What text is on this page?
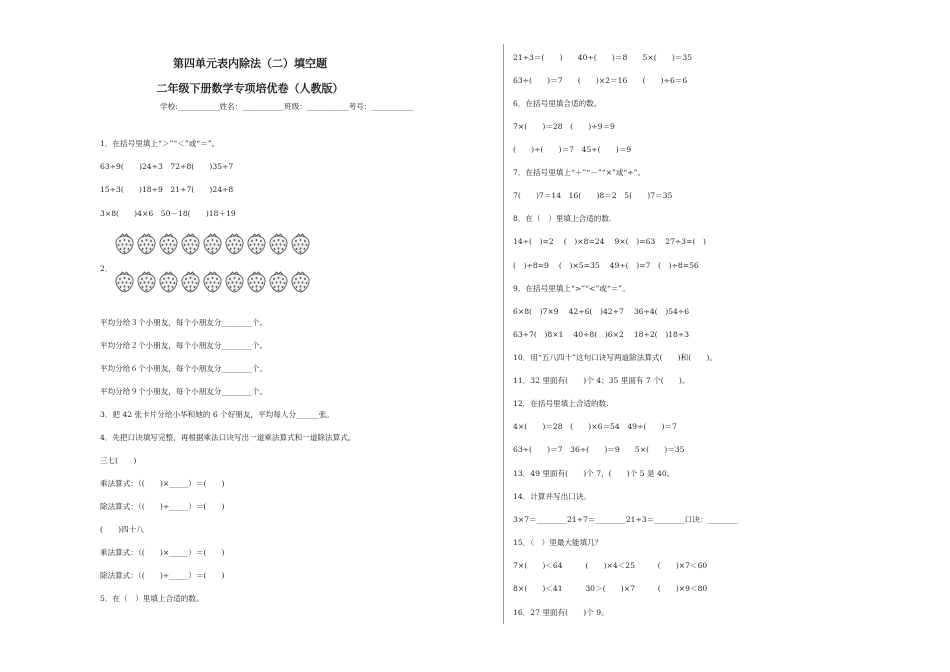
第四单元表内除法（二）填空题
二年级下册数学专项培优卷（人教版）
学校:___________姓名：___________班级：___________考号：___________
1．在括号里填上“＞”“＜”或“＝”。
63÷9(　　)24÷3　72÷8(　　)35÷7
15÷3(　　)18÷9　21÷7(　　)24÷8
3×8(　　)4×6　50－18(　　)18＋19
2．
平均分给３个小朋友，每个小朋友分________个。
平均分给２个小朋友，每个小朋友分________个。
平均分给６个小朋友，每个小朋友分________个。
平均分给９个小朋友，每个小朋友分________个。
3．把 42 张卡片分给小华和她的 6 个好朋友，平均每人分______张。
4．先把口诀填写完整，再根据乘法口诀写出一道乘法算式和一道除法算式。
三七(　　)
乘法算式：（(　　)×_____）＝(　　)
除法算式：（(　　)÷_____）＝(　　)
(　　)四十八
乘法算式：（(　　)×_____）＝(　　)
除法算式：（(　　)÷_____）＝(　　)
5．在（　）里填上合适的数。
21÷3＝(　　)　　40÷(　　)＝8　　5×(　　)＝35
63÷(　　)＝7　　(　　)×2＝16　　(　　)÷6＝6
6．在括号里填合适的数。
7×(　　)＝28　(　　)÷9＝9
(　　)÷(　　)＝7　45÷(　　)＝9
7．在括号里填上“＋”“－”“×”或“÷”。
7(　　)7＝14　16(　　)8＝2　5(　　)7＝35
8．在（　）里填上合适的数.
14÷(　)=2　 (　)×8=24　 9×(　)=63　 27÷3=(　)
(　)÷8=9　 (　)×5=35　 49÷(　)=7　(　)÷8=56
9．在括号里填上“>”“<”或“＝”。
6×8(　)7×9　 42÷6(　)42÷7　 36÷4(　)54÷6
63÷7(　)8×1　 40÷8(　)6×2　 18÷2(　)18÷3
10．用“五八四十”这句口诀写两道除法算式(　　)和(　　)。
11．32 里面有(　　)个 4；35 里面有 7 个(　　)。
12．在括号里填上合适的数.
4×(　　)＝28　(　　)×6＝54　49÷(　　)＝7
63÷(　　)＝7　36÷(　　)＝9　　5×(　　)＝35
13．49 里面有(　　)个 7，(　　)个 5 是 40。
14．计算并写出口诀。
3×7＝________21÷7＝________21÷3＝________口诀：________
15．（　）里最大能填几？
7×(　　)＜64　　　(　　)×4＜25　　　(　　)×7＜60
8×(　　)＜41　　　30＞(　　)×7　　　(　　)×9＜80
16．27 里面有(　　)个 9。
